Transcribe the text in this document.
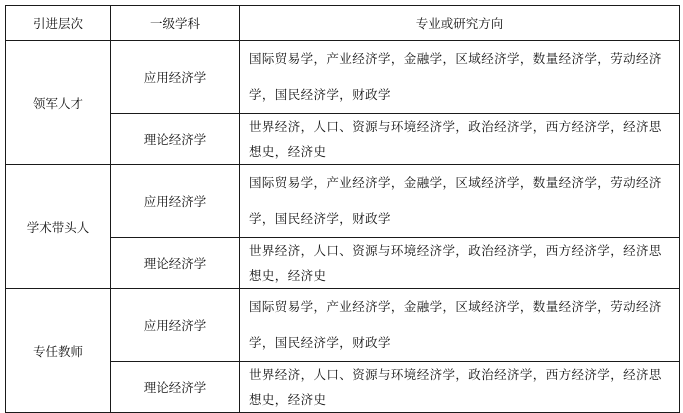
引进层次	一级学科	专业或研究方向
领军人才	应用经济学	国际贸易学，产业经济学，金融学，区域经济学，数量经济学，劳动经济学，国民经济学，财政学
	理论经济学	世界经济，人口、资源与环境经济学，政治经济学，西方经济学，经济思想史，经济史
学术带头人	应用经济学	国际贸易学，产业经济学，金融学，区域经济学，数量经济学，劳动经济学，国民经济学，财政学
	理论经济学	世界经济，人口、资源与环境经济学，政治经济学，西方经济学，经济思想史，经济史
专任教师	应用经济学	国际贸易学，产业经济学，金融学，区域经济学，数量经济学，劳动经济学，国民经济学，财政学
	理论经济学	世界经济，人口、资源与环境经济学，政治经济学，西方经济学，经济思想史，经济史
